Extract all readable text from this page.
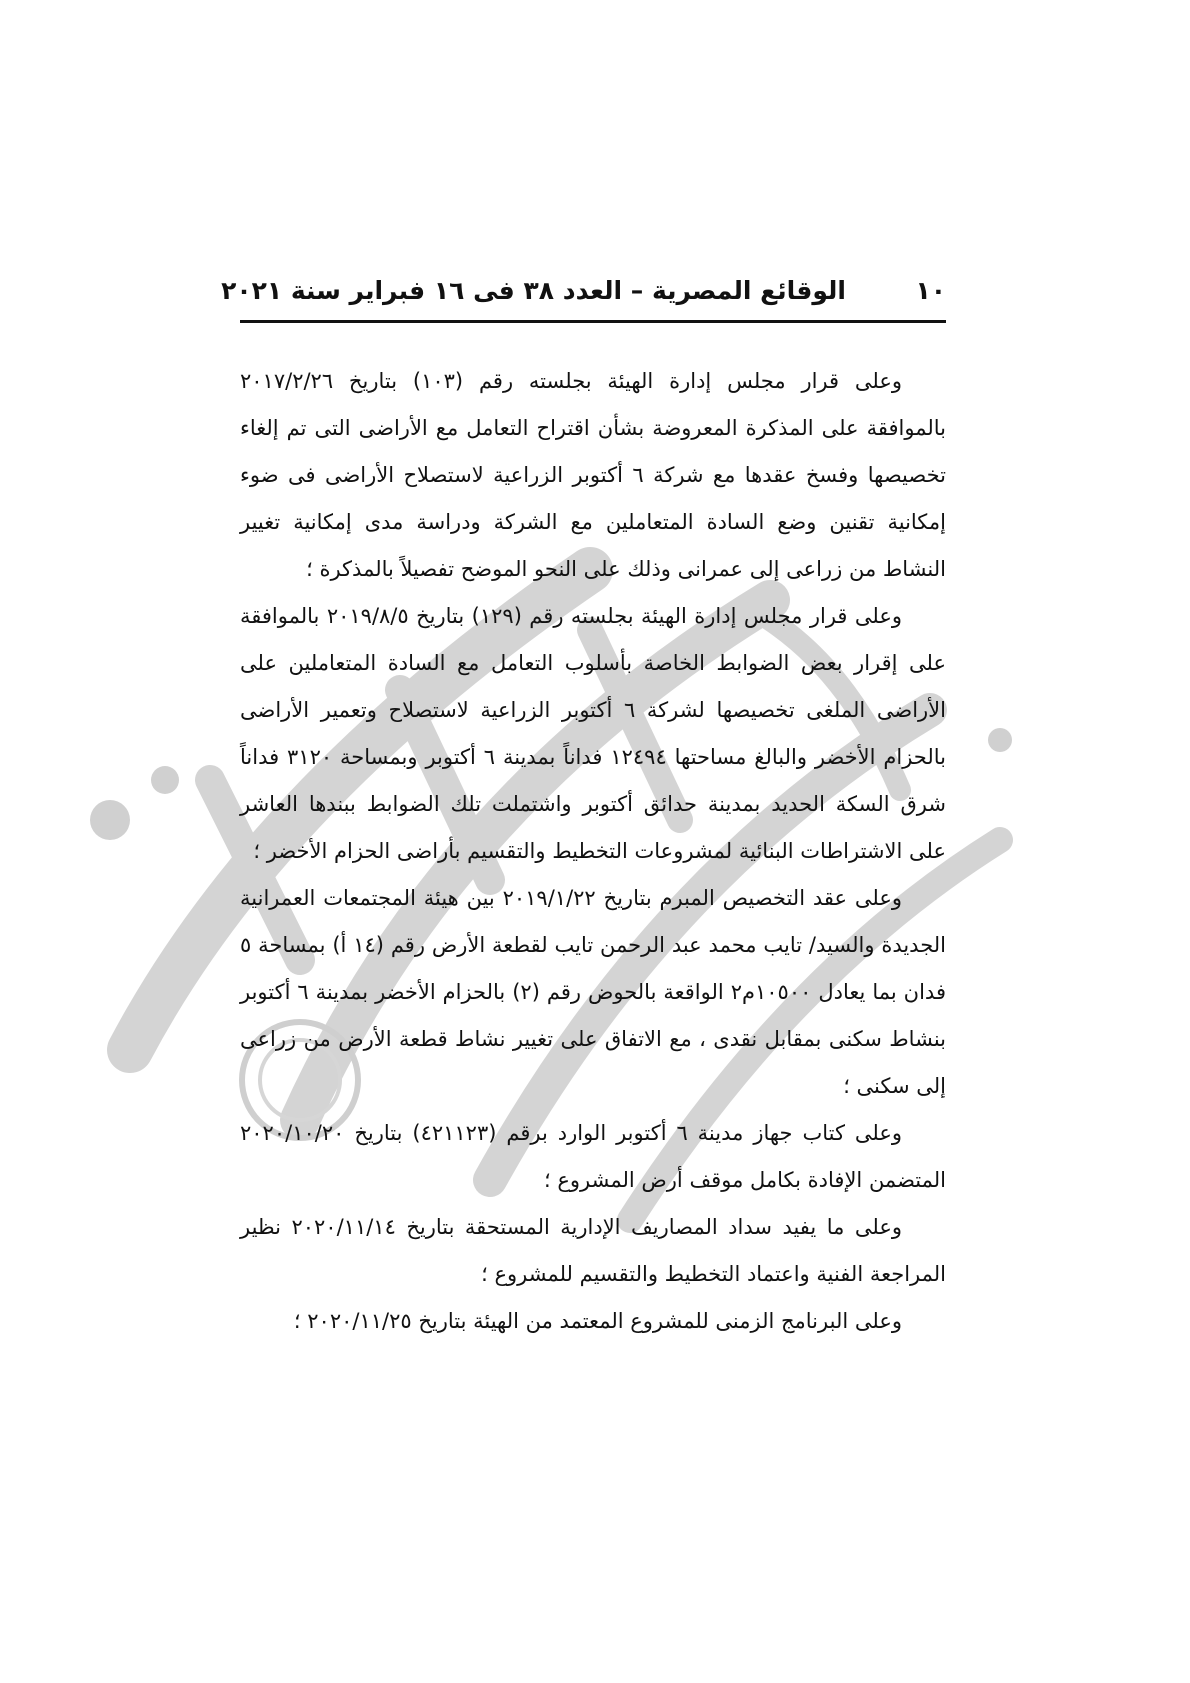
١٠
الوقائع المصرية – العدد ٣٨ فى ١٦ فبراير سنة ٢٠٢١

وعلى قرار مجلس إدارة الهيئة بجلسته رقم (١٠٣) بتاريخ ٢٠١٧/٢/٢٦ بالموافقة على المذكرة المعروضة بشأن اقتراح التعامل مع الأراضى التى تم إلغاء تخصيصها وفسخ عقدها مع شركة ٦ أكتوبر الزراعية لاستصلاح الأراضى فى ضوء إمكانية تقنين وضع السادة المتعاملين مع الشركة ودراسة مدى إمكانية تغيير النشاط من زراعى إلى عمرانى وذلك على النحو الموضح تفصيلاً بالمذكرة ؛

وعلى قرار مجلس إدارة الهيئة بجلسته رقم (١٢٩) بتاريخ ٢٠١٩/٨/٥ بالموافقة على إقرار بعض الضوابط الخاصة بأسلوب التعامل مع السادة المتعاملين على الأراضى الملغى تخصيصها لشركة ٦ أكتوبر الزراعية لاستصلاح وتعمير الأراضى بالحزام الأخضر والبالغ مساحتها ١٢٤٩٤ فداناً بمدينة ٦ أكتوبر وبمساحة ٣١٢٠ فداناً شرق السكة الحديد بمدينة حدائق أكتوبر واشتملت تلك الضوابط ببندها العاشر على الاشتراطات البنائية لمشروعات التخطيط والتقسيم بأراضى الحزام الأخضر ؛

وعلى عقد التخصيص المبرم بتاريخ ٢٠١٩/١/٢٢ بين هيئة المجتمعات العمرانية الجديدة والسيد/ تايب محمد عبد الرحمن تايب لقطعة الأرض رقم (١٤ أ) بمساحة ٥ فدان بما يعادل ١٠٥٠٠م٢ الواقعة بالحوض رقم (٢) بالحزام الأخضر بمدينة ٦ أكتوبر بنشاط سكنى بمقابل نقدى ، مع الاتفاق على تغيير نشاط قطعة الأرض من زراعى إلى سكنى ؛

وعلى كتاب جهاز مدينة ٦ أكتوبر الوارد برقم (٤٢١١٢٣) بتاريخ ٢٠٢٠/١٠/٢٠ المتضمن الإفادة بكامل موقف أرض المشروع ؛

وعلى ما يفيد سداد المصاريف الإدارية المستحقة بتاريخ ٢٠٢٠/١١/١٤ نظير المراجعة الفنية واعتماد التخطيط والتقسيم للمشروع ؛

وعلى البرنامج الزمنى للمشروع المعتمد من الهيئة بتاريخ ٢٠٢٠/١١/٢٥ ؛
